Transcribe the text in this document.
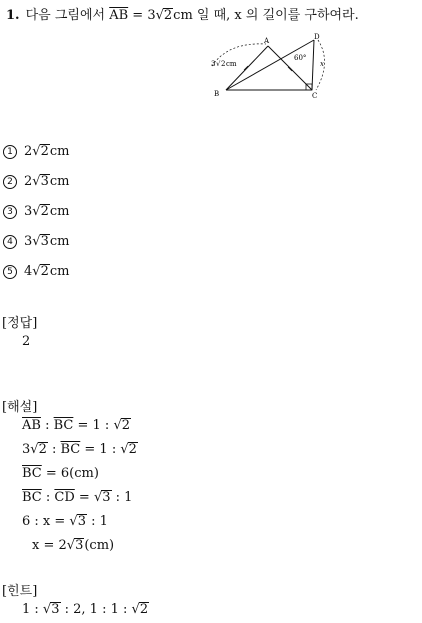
1. 다음 그림에서 $\overline{AB} = 3√2cm$ 일 때, x 의 길이를 구하여라.
A
B	C
D
3 √ 2 cm
60°
x
1 2√2cm
2 2√3cm
3 3√2cm
4 3√3cm
5 4√2cm
[정답]
2
[해설]
$\overline{AB}$ : $\overline{BC} = 1$ : √2
3√2 : $\overline{BC} = 1$ : √2
$\overline{BC} = 6(cm)$
$\overline{BC}$ : $\overline{CD} = √3$ : 1
6 : x = √3 : 1
x = 2√3(cm)
[힌트]
1 : √3 : 2, 1 : 1 : √2
